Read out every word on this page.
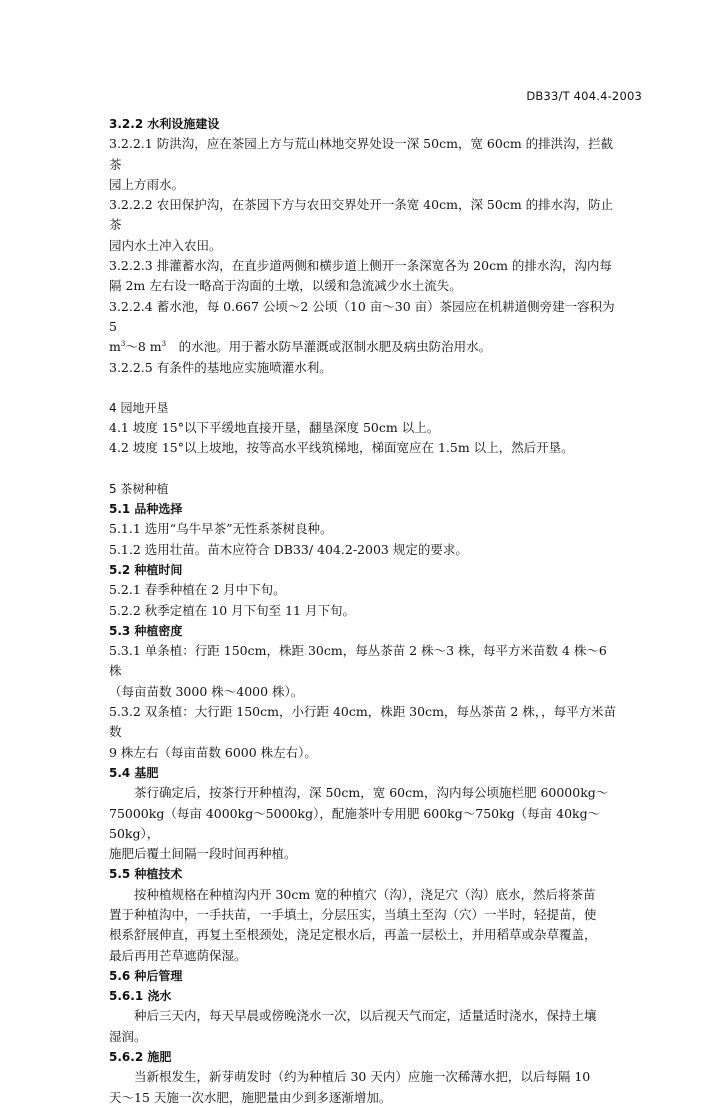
DB33/T 404.4-2003

3.2.2 水利设施建设

3.2.2.1 防洪沟，应在茶园上方与荒山林地交界处设一深 50cm，宽 60cm 的排洪沟，拦截茶

园上方雨水。

3.2.2.2 农田保护沟，在茶园下方与农田交界处开一条宽 40cm，深 50cm 的排水沟，防止茶

园内水土冲入农田。

3.2.2.3 排灌蓄水沟，在直步道两侧和横步道上侧开一条深宽各为 20cm 的排水沟，沟内每

隔 2m 左右设一略高于沟面的土墩，以缓和急流减少水土流失。

3.2.2.4 蓄水池，每 0.667 公顷～2 公顷（10 亩～30 亩）茶园应在机耕道侧旁建一容积为 5

$m^3\sim 8$ $m^3$　的水池。用于蓄水防旱灌溉或沤制水肥及病虫防治用水。

3.2.2.5 有条件的基地应实施喷灌水利。

4 园地开垦

4.1 坡度 15°以下平缓地直接开垦，翻垦深度 50cm 以上。

4.2 坡度 15°以上坡地，按等高水平线筑梯地，梯面宽应在 1.5m 以上，然后开垦。

5 茶树种植

5.1 品种选择

5.1.1 选用“乌牛早茶”无性系茶树良种。

5.1.2 选用壮苗。苗木应符合 DB33/ 404.2-2003 规定的要求。

5.2 种植时间

5.2.1 春季种植在 2 月中下旬。

5.2.2 秋季定植在 10 月下旬至 11 月下旬。

5.3 种植密度

5.3.1 单条植：行距 150cm，株距 30cm，每丛茶苗 2 株～3 株，每平方米苗数 4 株～6 株

（每亩苗数 3000 株～4000 株）。

5.3.2 双条植：大行距 150cm，小行距 40cm，株距 30cm，每丛茶苗 2 株，，每平方米苗数

9 株左右（每亩苗数 6000 株左右）。

5.4 基肥

茶行确定后，按茶行开种植沟，深 50cm，宽 60cm，沟内每公顷施栏肥 60000kg～

75000kg（每亩 4000kg～5000kg），配施茶叶专用肥 600kg～750kg（每亩 40kg～50kg），

施肥后覆土间隔一段时间再种植。

5.5 种植技术

按种植规格在种植沟内开 30cm 宽的种植穴（沟），浇足穴（沟）底水，然后将茶苗

置于种植沟中，一手扶苗，一手填土，分层压实，当填土至沟（穴）一半时，轻提苗，使

根系舒展伸直，再复土至根颈处，浇足定根水后，再盖一层松土，并用稻草或杂草覆盖，

最后再用芒草遮荫保湿。

5.6 种后管理

5.6.1 浇水

种后三天内，每天早晨或傍晚浇水一次，以后视天气而定，适量适时浇水，保持土壤

湿润。

5.6.2 施肥

当新根发生，新芽萌发时（约为种植后 30 天内）应施一次稀薄水把，以后每隔 10

天～15 天施一次水肥，施肥量由少到多逐渐增加。
